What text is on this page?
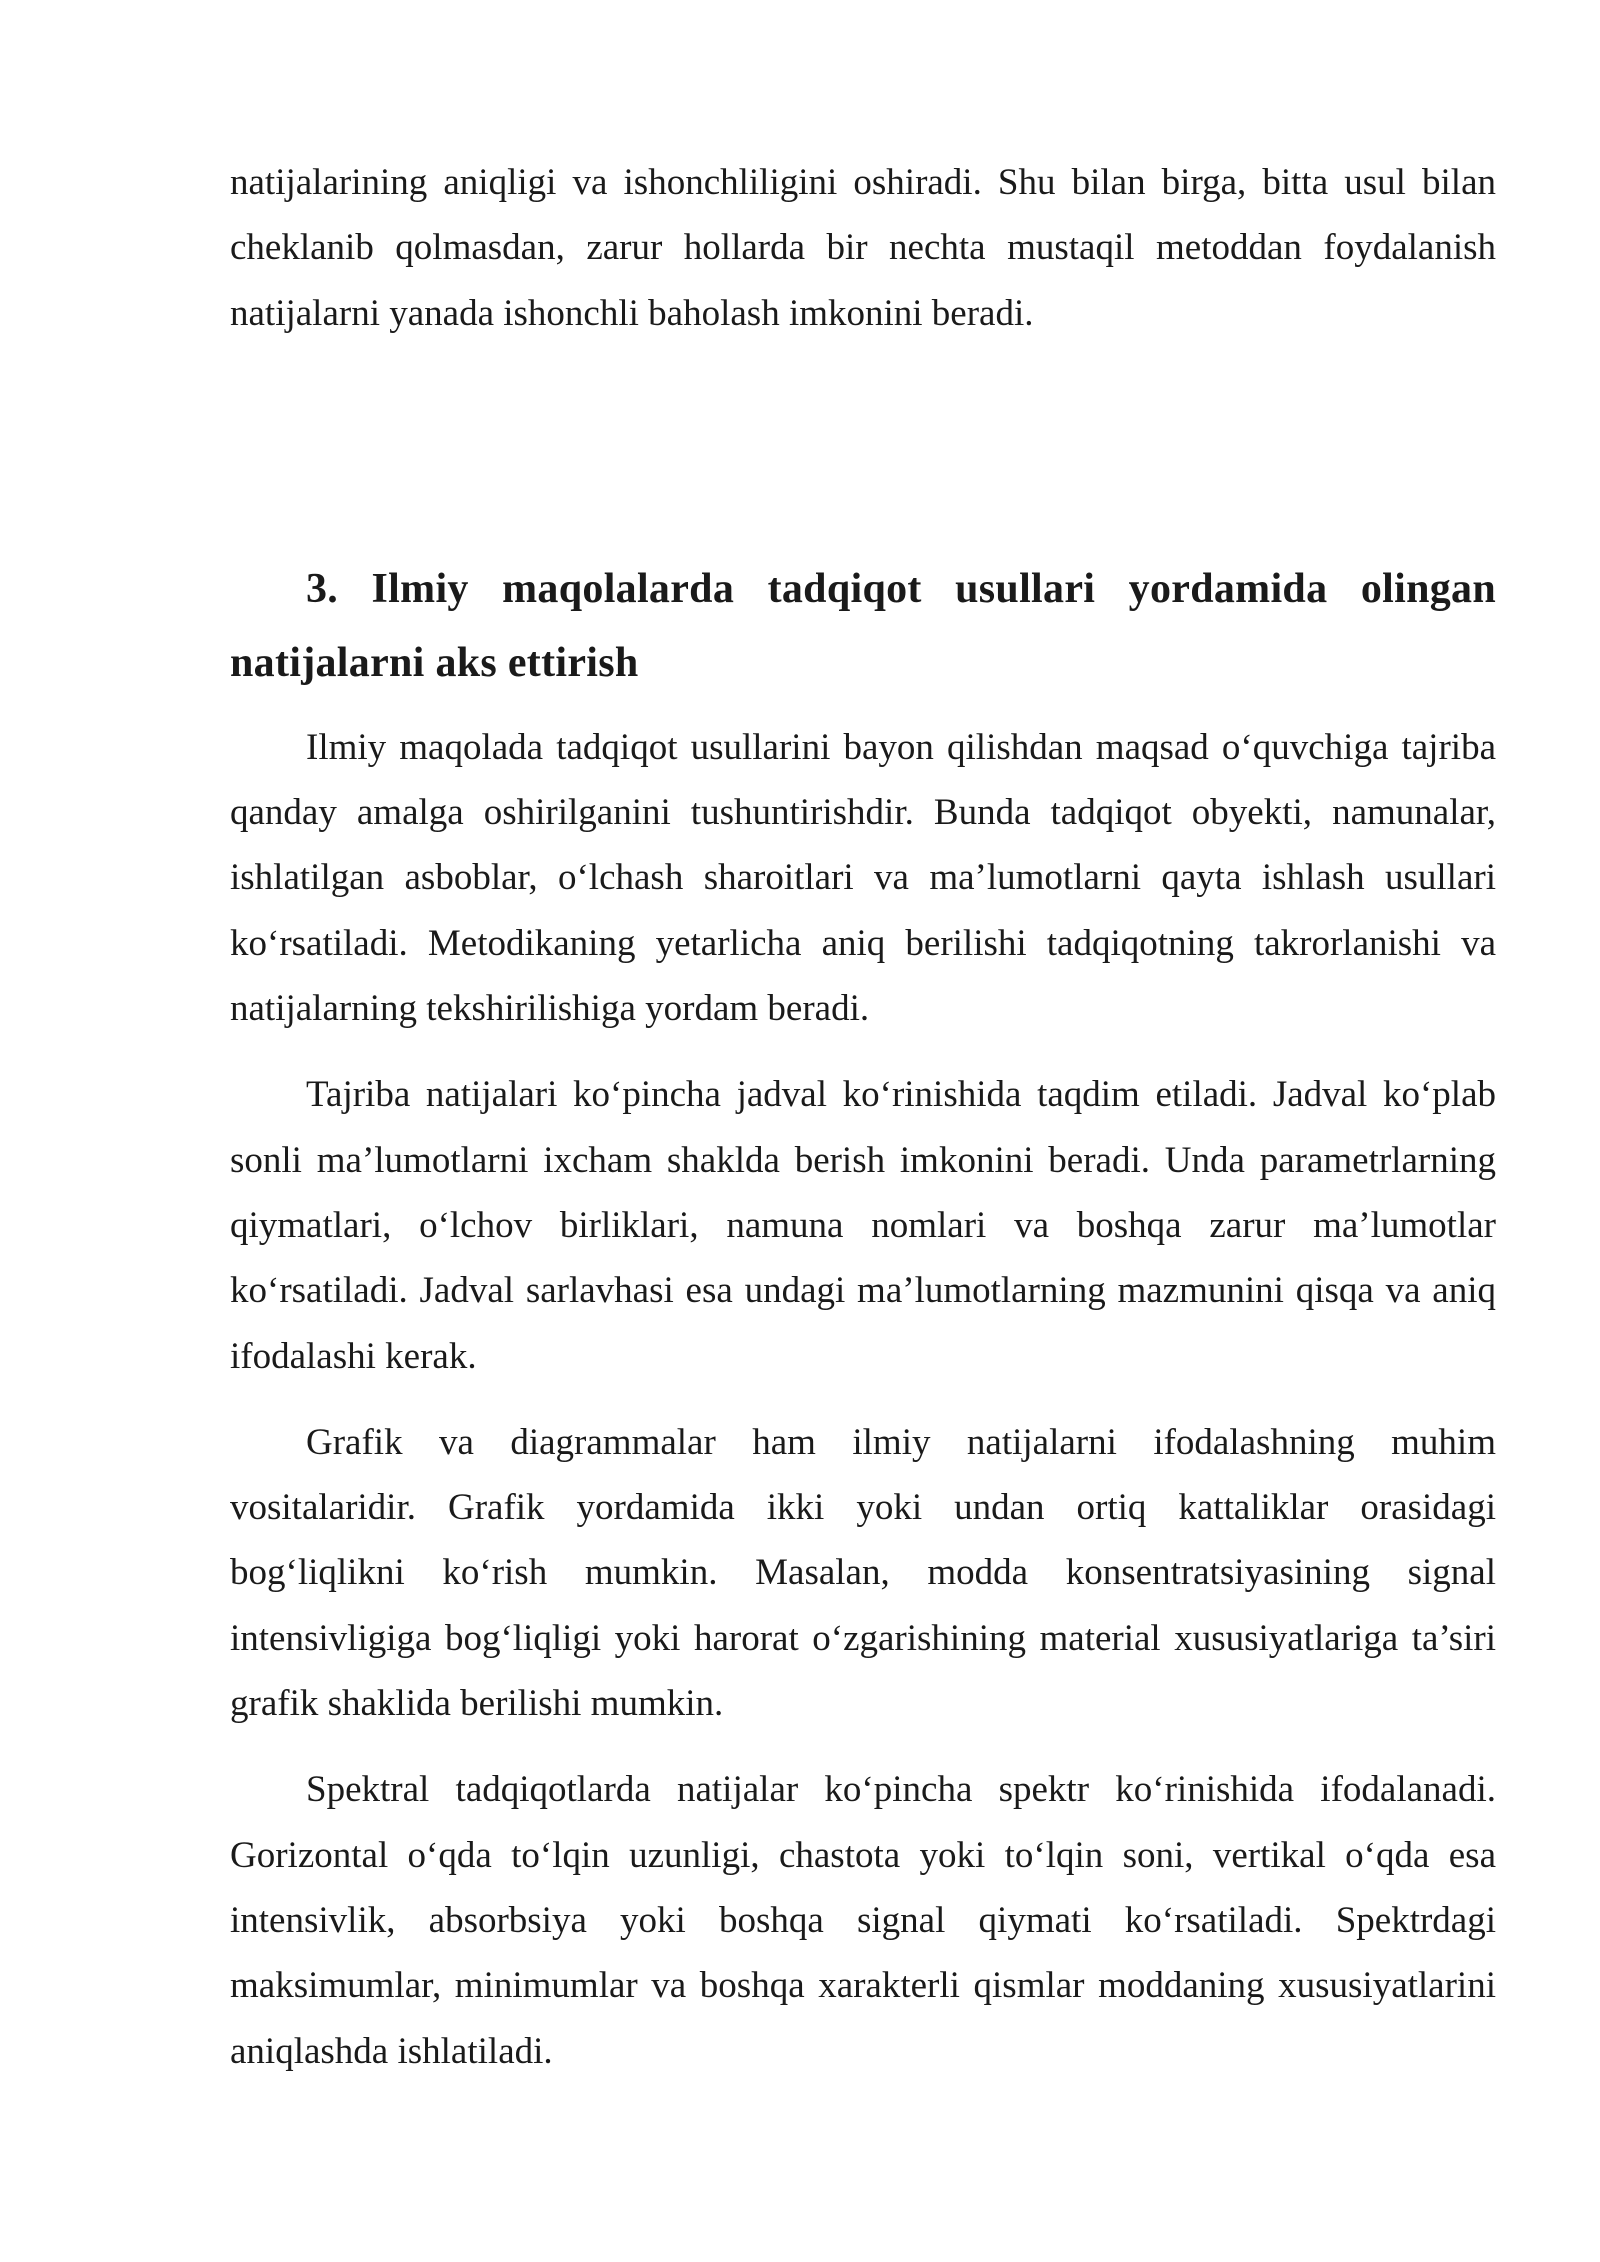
natijalarining aniqligi va ishonchliligini oshiradi. Shu bilan birga, bitta usul bilan cheklanib qolmasdan, zarur hollarda bir nechta mustaqil metoddan foydalanish natijalarni yanada ishonchli baholash imkonini beradi.

3. Ilmiy maqolalarda tadqiqot usullari yordamida olingan natijalarni aks ettirish

Ilmiy maqolada tadqiqot usullarini bayon qilishdan maqsad o‘quvchiga tajriba qanday amalga oshirilganini tushuntirishdir. Bunda tadqiqot obyekti, namunalar, ishlatilgan asboblar, o‘lchash sharoitlari va ma’lumotlarni qayta ishlash usullari ko‘rsatiladi. Metodikaning yetarlicha aniq berilishi tadqiqotning takrorlanishi va natijalarning tekshirilishiga yordam beradi.

Tajriba natijalari ko‘pincha jadval ko‘rinishida taqdim etiladi. Jadval ko‘plab sonli ma’lumotlarni ixcham shaklda berish imkonini beradi. Unda parametrlarning qiymatlari, o‘lchov birliklari, namuna nomlari va boshqa zarur ma’lumotlar ko‘rsatiladi. Jadval sarlavhasi esa undagi ma’lumotlarning mazmunini qisqa va aniq ifodalashi kerak.

Grafik va diagrammalar ham ilmiy natijalarni ifodalashning muhim vositalaridir. Grafik yordamida ikki yoki undan ortiq kattaliklar orasidagi bog‘liqlikni ko‘rish mumkin. Masalan, modda konsentratsiyasining signal intensivligiga bog‘liqligi yoki harorat o‘zgarishining material xususiyatlariga ta’siri grafik shaklida berilishi mumkin.

Spektral tadqiqotlarda natijalar ko‘pincha spektr ko‘rinishida ifodalanadi. Gorizontal o‘qda to‘lqin uzunligi, chastota yoki to‘lqin soni, vertikal o‘qda esa intensivlik, absorbsiya yoki boshqa signal qiymati ko‘rsatiladi. Spektrdagi maksimumlar, minimumlar va boshqa xarakterli qismlar moddaning xususiyatlarini aniqlashda ishlatiladi.
